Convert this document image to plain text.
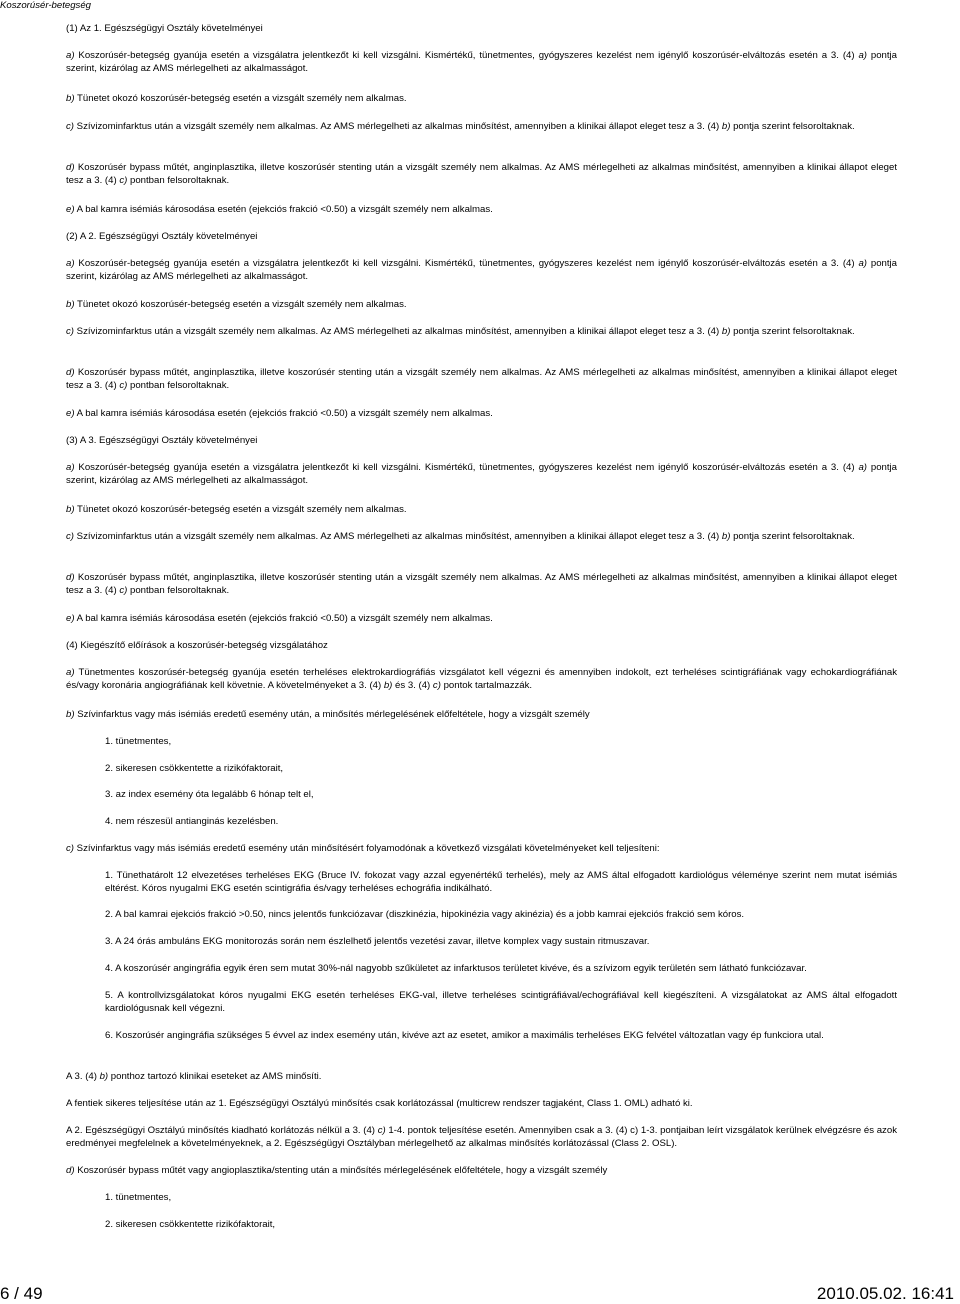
Koszorúsér-betegség
(1) Az 1. Egészségügyi Osztály követelményei
a) Koszorúsér-betegség gyanúja esetén a vizsgálatra jelentkezőt ki kell vizsgálni. Kismértékű, tünetmentes, gyógyszeres kezelést nem igénylő koszorúsér-elváltozás esetén a 3. (4) a) pontja szerint, kizárólag az AMS mérlegelheti az alkalmasságot.
b) Tünetet okozó koszorúsér-betegség esetén a vizsgált személy nem alkalmas.
c) Szívizominfarktus után a vizsgált személy nem alkalmas. Az AMS mérlegelheti az alkalmas minősítést, amennyiben a klinikai állapot eleget tesz a 3. (4) b) pontja szerint felsoroltaknak.
d) Koszorúsér bypass műtét, anginplasztika, illetve koszorúsér stenting után a vizsgált személy nem alkalmas. Az AMS mérlegelheti az alkalmas minősítést, amennyiben a klinikai állapot eleget tesz a 3. (4) c) pontban felsoroltaknak.
e) A bal kamra isémiás károsodása esetén (ejekciós frakció <0.50) a vizsgált személy nem alkalmas.
(2) A 2. Egészségügyi Osztály követelményei
a) Koszorúsér-betegség gyanúja esetén a vizsgálatra jelentkezőt ki kell vizsgálni. Kismértékű, tünetmentes, gyógyszeres kezelést nem igénylő koszorúsér-elváltozás esetén a 3. (4) a) pontja szerint, kizárólag az AMS mérlegelheti az alkalmasságot.
b) Tünetet okozó koszorúsér-betegség esetén a vizsgált személy nem alkalmas.
c) Szívizominfarktus után a vizsgált személy nem alkalmas. Az AMS mérlegelheti az alkalmas minősítést, amennyiben a klinikai állapot eleget tesz a 3. (4) b) pontja szerint felsoroltaknak.
d) Koszorúsér bypass műtét, anginplasztika, illetve koszorúsér stenting után a vizsgált személy nem alkalmas. Az AMS mérlegelheti az alkalmas minősítést, amennyiben a klinikai állapot eleget tesz a 3. (4) c) pontban felsoroltaknak.
e) A bal kamra isémiás károsodása esetén (ejekciós frakció <0.50) a vizsgált személy nem alkalmas.
(3) A 3. Egészségügyi Osztály követelményei
a) Koszorúsér-betegség gyanúja esetén a vizsgálatra jelentkezőt ki kell vizsgálni. Kismértékű, tünetmentes, gyógyszeres kezelést nem igénylő koszorúsér-elváltozás esetén a 3. (4) a) pontja szerint, kizárólag az AMS mérlegelheti az alkalmasságot.
b) Tünetet okozó koszorúsér-betegség esetén a vizsgált személy nem alkalmas.
c) Szívizominfarktus után a vizsgált személy nem alkalmas. Az AMS mérlegelheti az alkalmas minősítést, amennyiben a klinikai állapot eleget tesz a 3. (4) b) pontja szerint felsoroltaknak.
d) Koszorúsér bypass műtét, anginplasztika, illetve koszorúsér stenting után a vizsgált személy nem alkalmas. Az AMS mérlegelheti az alkalmas minősítést, amennyiben a klinikai állapot eleget tesz a 3. (4) c) pontban felsoroltaknak.
e) A bal kamra isémiás károsodása esetén (ejekciós frakció <0.50) a vizsgált személy nem alkalmas.
(4) Kiegészítő előírások a koszorúsér-betegség vizsgálatához
a) Tünetmentes koszorúsér-betegség gyanúja esetén terheléses elektrokardiográfiás vizsgálatot kell végezni és amennyiben indokolt, ezt terheléses scintigráfiának vagy echokardiográfiának és/vagy koronária angiográfiának kell követnie. A követelményeket a 3. (4) b) és 3. (4) c) pontok tartalmazzák.
b) Szívinfarktus vagy más isémiás eredetű esemény után, a minősítés mérlegelésének előfeltétele, hogy a vizsgált személy
1. tünetmentes,
2. sikeresen csökkentette a rizikófaktorait,
3. az index esemény óta legalább 6 hónap telt el,
4. nem részesül antianginás kezelésben.
c) Szívinfarktus vagy más isémiás eredetű esemény után minősítésért folyamodónak a következő vizsgálati követelményeket kell teljesíteni:
1. Tünethatárolt 12 elvezetéses terheléses EKG (Bruce IV. fokozat vagy azzal egyenértékű terhelés), mely az AMS által elfogadott kardiológus véleménye szerint nem mutat isémiás eltérést. Kóros nyugalmi EKG esetén scintigráfia és/vagy terheléses echográfia indikálható.
2. A bal kamrai ejekciós frakció >0.50, nincs jelentős funkciózavar (diszkinézia, hipokinézia vagy akinézia) és a jobb kamrai ejekciós frakció sem kóros.
3. A 24 órás ambuláns EKG monitorozás során nem észlelhető jelentős vezetési zavar, illetve komplex vagy sustain ritmuszavar.
4. A koszorúsér angingráfia egyik éren sem mutat 30%-nál nagyobb szűkületet az infarktusos területet kivéve, és a szívizom egyik területén sem látható funkciózavar.
5. A kontrollvizsgálatokat kóros nyugalmi EKG esetén terheléses EKG-val, illetve terheléses scintigráfiával/echográfiával kell kiegészíteni. A vizsgálatokat az AMS által elfogadott kardiológusnak kell végezni.
6. Koszorúsér angingráfia szükséges 5 évvel az index esemény után, kivéve azt az esetet, amikor a maximális terheléses EKG felvétel változatlan vagy ép funkciora utal.
A 3. (4) b) ponthoz tartozó klinikai eseteket az AMS minősíti.
A fentiek sikeres teljesítése után az 1. Egészségügyi Osztályú minősítés csak korlátozással (multicrew rendszer tagjaként, Class 1. OML) adható ki.
A 2. Egészségügyi Osztályú minősítés kiadható korlátozás nélkül a 3. (4) c) 1-4. pontok teljesítése esetén. Amennyiben csak a 3. (4) c) 1-3. pontjaiban leírt vizsgálatok kerülnek elvégzésre és azok eredményei megfelelnek a követelményeknek, a 2. Egészségügyi Osztályban mérlegelhető az alkalmas minősítés korlátozással (Class 2. OSL).
d) Koszorúsér bypass műtét vagy angioplasztika/stenting után a minősítés mérlegelésének előfeltétele, hogy a vizsgált személy
1. tünetmentes,
2. sikeresen csökkentette rizikófaktorait,
6 / 49	2010.05.02. 16:41
